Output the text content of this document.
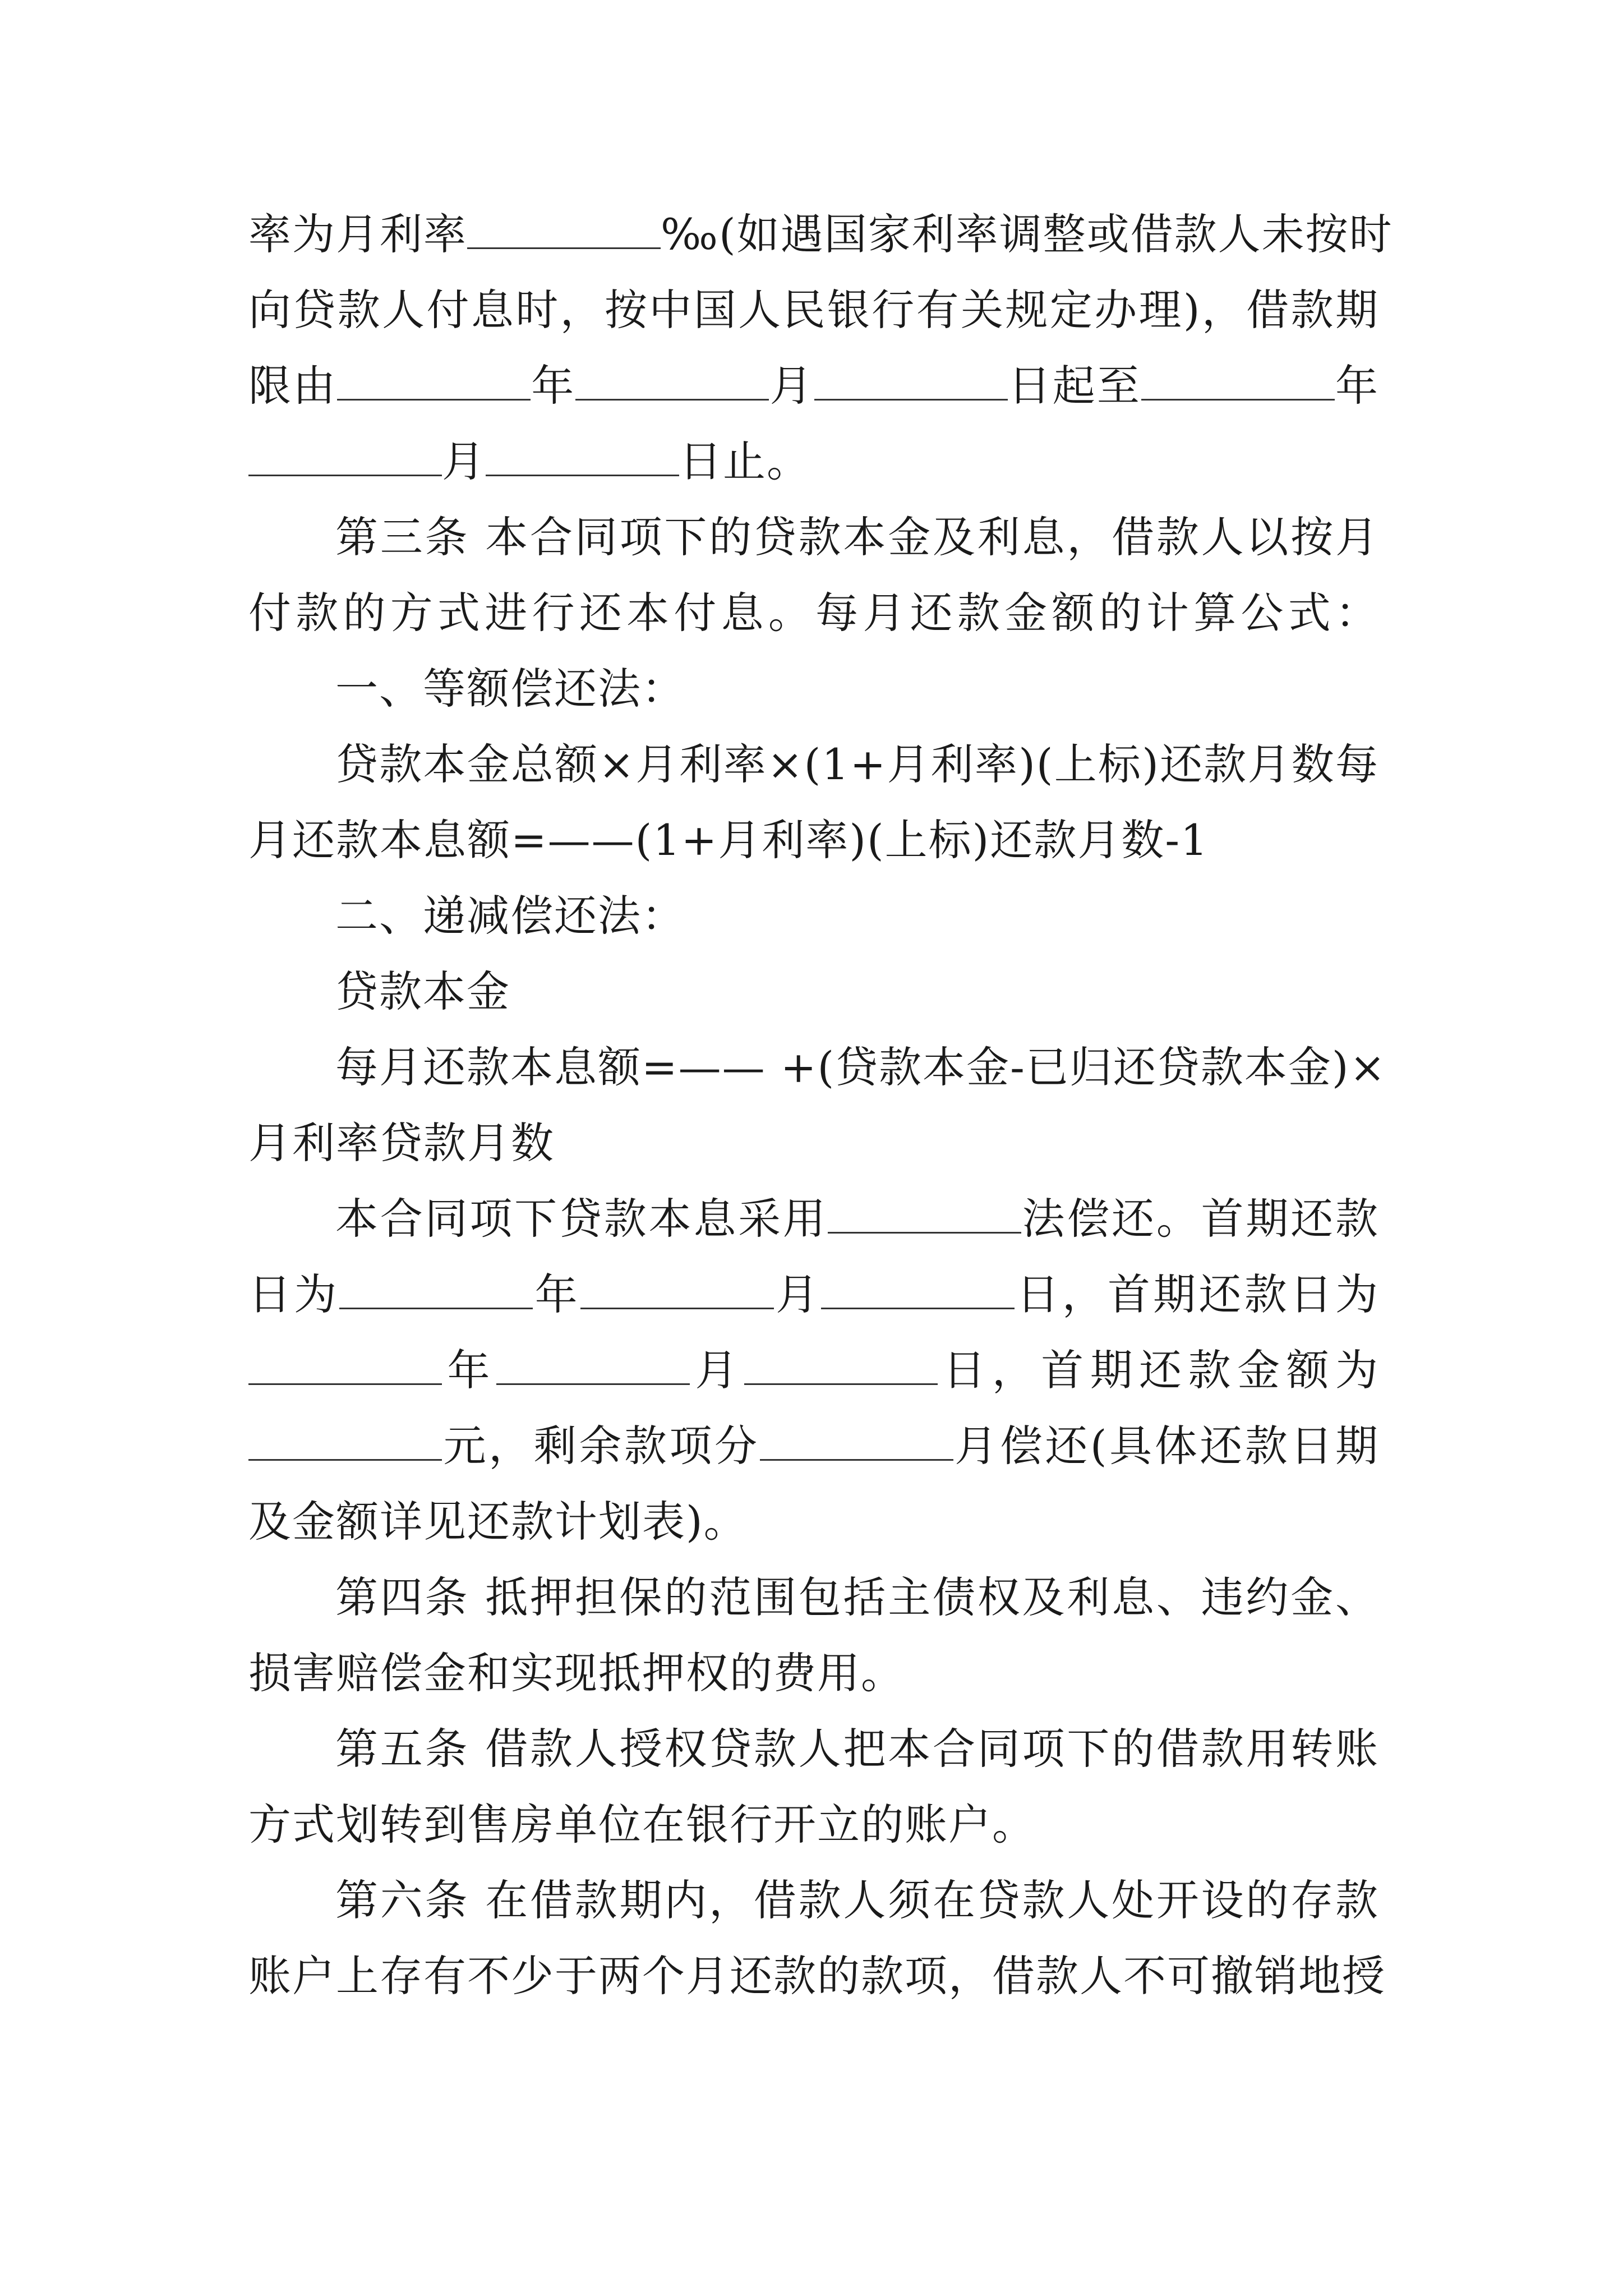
率为月利率	‰(如遇国家利率调整或借款人未按时
向贷款人付息时，按中国人民银行有关规定办理)，借款期
限由	年	月	日起至	年
月	日止。
第三条 本合同项下的贷款本金及利息，借款人以按月
付款的方式进行还本付息。每月还款金额的计算公式：
一、等额偿还法：
贷款本金总额×月利率×(1+月利率)(上标)还款月数每
月还款本息额=——(1+月利率)(上标)还款月数-1
二、递减偿还法：
贷款本金
每月还款本息额=—— +(贷款本金-已归还贷款本金)×
月利率贷款月数
本合同项下贷款本息采用	法偿还。首期还款
日为	年	月	日，首期还款日为
年	月	日，首期还款金额为
元，剩余款项分	月偿还(具体还款日期
及金额详见还款计划表)。
第四条 抵押担保的范围包括主债权及利息、违约金、
损害赔偿金和实现抵押权的费用。
第五条 借款人授权贷款人把本合同项下的借款用转账
方式划转到售房单位在银行开立的账户。
第六条 在借款期内，借款人须在贷款人处开设的存款
账户上存有不少于两个月还款的款项，借款人不可撤销地授
